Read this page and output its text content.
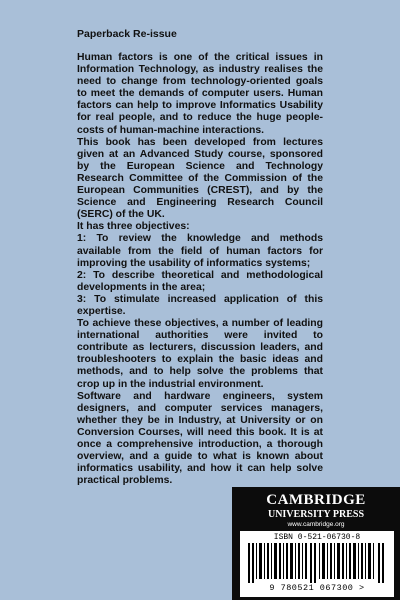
Paperback Re-issue

Human factors is one of the critical issues in Information Technology, as industry realises the need to change from technology-oriented goals to meet the demands of computer users. Human factors can help to improve Informatics Usability for real people, and to reduce the huge people-costs of human-machine interactions.

This book has been developed from lectures given at an Advanced Study course, sponsored by the European Science and Technology Research Committee of the Commission of the European Communities (CREST), and by the Science and Engineering Research Council (SERC) of the UK.

It has three objectives:

1: To review the knowledge and methods available from the field of human factors for improving the usability of informatics systems;

2: To describe theoretical and methodological developments in the area;

3: To stimulate increased application of this expertise.

To achieve these objectives, a number of leading international authorities were invited to contribute as lecturers, discussion leaders, and troubleshooters to explain the basic ideas and methods, and to help solve the problems that crop up in the industrial environment.

Software and hardware engineers, system designers, and computer services managers, whether they be in Industry, at University or on Conversion Courses, will need this book. It is at once a comprehensive introduction, a thorough overview, and a guide to what is known about informatics usability, and how it can help solve practical problems.

CAMBRIDGE
UNIVERSITY PRESS
www.cambridge.org
ISBN 0-521-06730-8
9 780521 067300 >
